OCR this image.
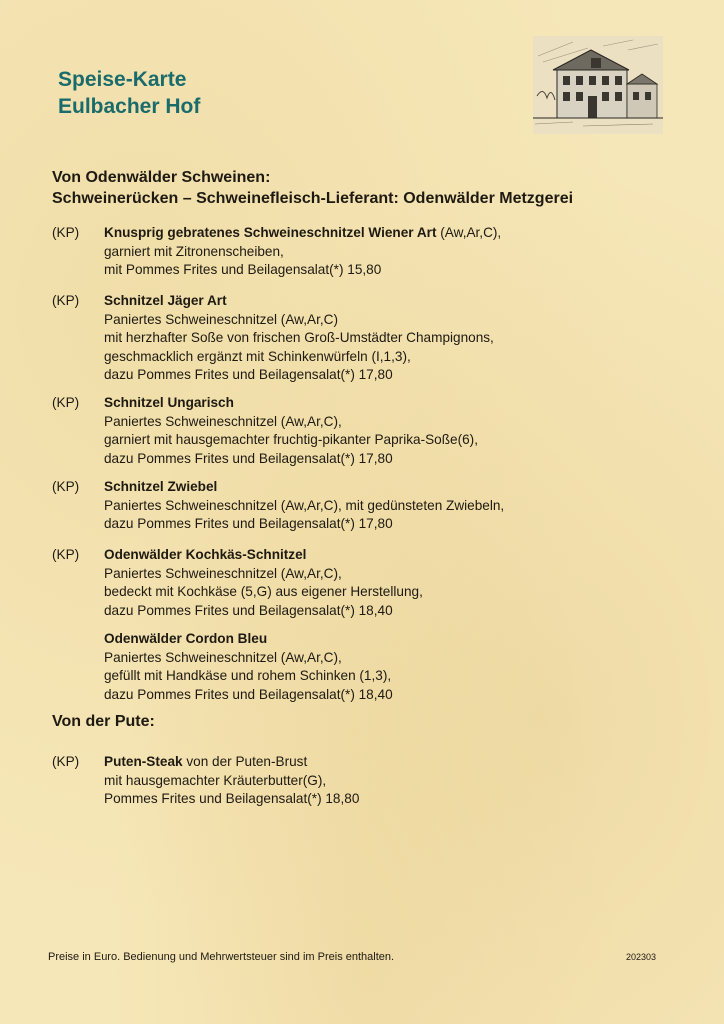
Speise-Karte
Eulbacher Hof
Von Odenwälder Schweinen:
Schweinerücken – Schweinefleisch-Lieferant: Odenwälder Metzgerei
(KP)	Knusprig gebratenes Schweineschnitzel Wiener Art (Aw,Ar,C),
garniert mit Zitronenscheiben,
mit Pommes Frites und Beilagensalat(*) 15,80
(KP)	Schnitzel Jäger Art
Paniertes Schweineschnitzel (Aw,Ar,C)
mit herzhafter Soße von frischen Groß-Umstädter Champignons,
geschmacklich ergänzt mit Schinkenwürfeln (I,1,3),
dazu Pommes Frites und Beilagensalat(*) 17,80
(KP)	Schnitzel Ungarisch
Paniertes Schweineschnitzel (Aw,Ar,C),
garniert mit hausgemachter fruchtig-pikanter Paprika-Soße(6),
dazu Pommes Frites und Beilagensalat(*) 17,80
(KP)	Schnitzel Zwiebel
Paniertes Schweineschnitzel (Aw,Ar,C), mit gedünsteten Zwiebeln,
dazu Pommes Frites und Beilagensalat(*) 17,80
(KP)	Odenwälder Kochkäs-Schnitzel
Paniertes Schweineschnitzel (Aw,Ar,C),
bedeckt mit Kochkäse (5,G) aus eigener Herstellung,
dazu Pommes Frites und Beilagensalat(*) 18,40
Odenwälder Cordon Bleu
Paniertes Schweineschnitzel (Aw,Ar,C),
gefüllt mit Handkäse und rohem Schinken (1,3),
dazu Pommes Frites und Beilagensalat(*) 18,40
Von der Pute:
(KP)	Puten-Steak von der Puten-Brust
mit hausgemachter Kräuterbutter(G),
Pommes Frites und Beilagensalat(*) 18,80
Preise in Euro. Bedienung und Mehrwertsteuer sind im Preis enthalten.	202303
